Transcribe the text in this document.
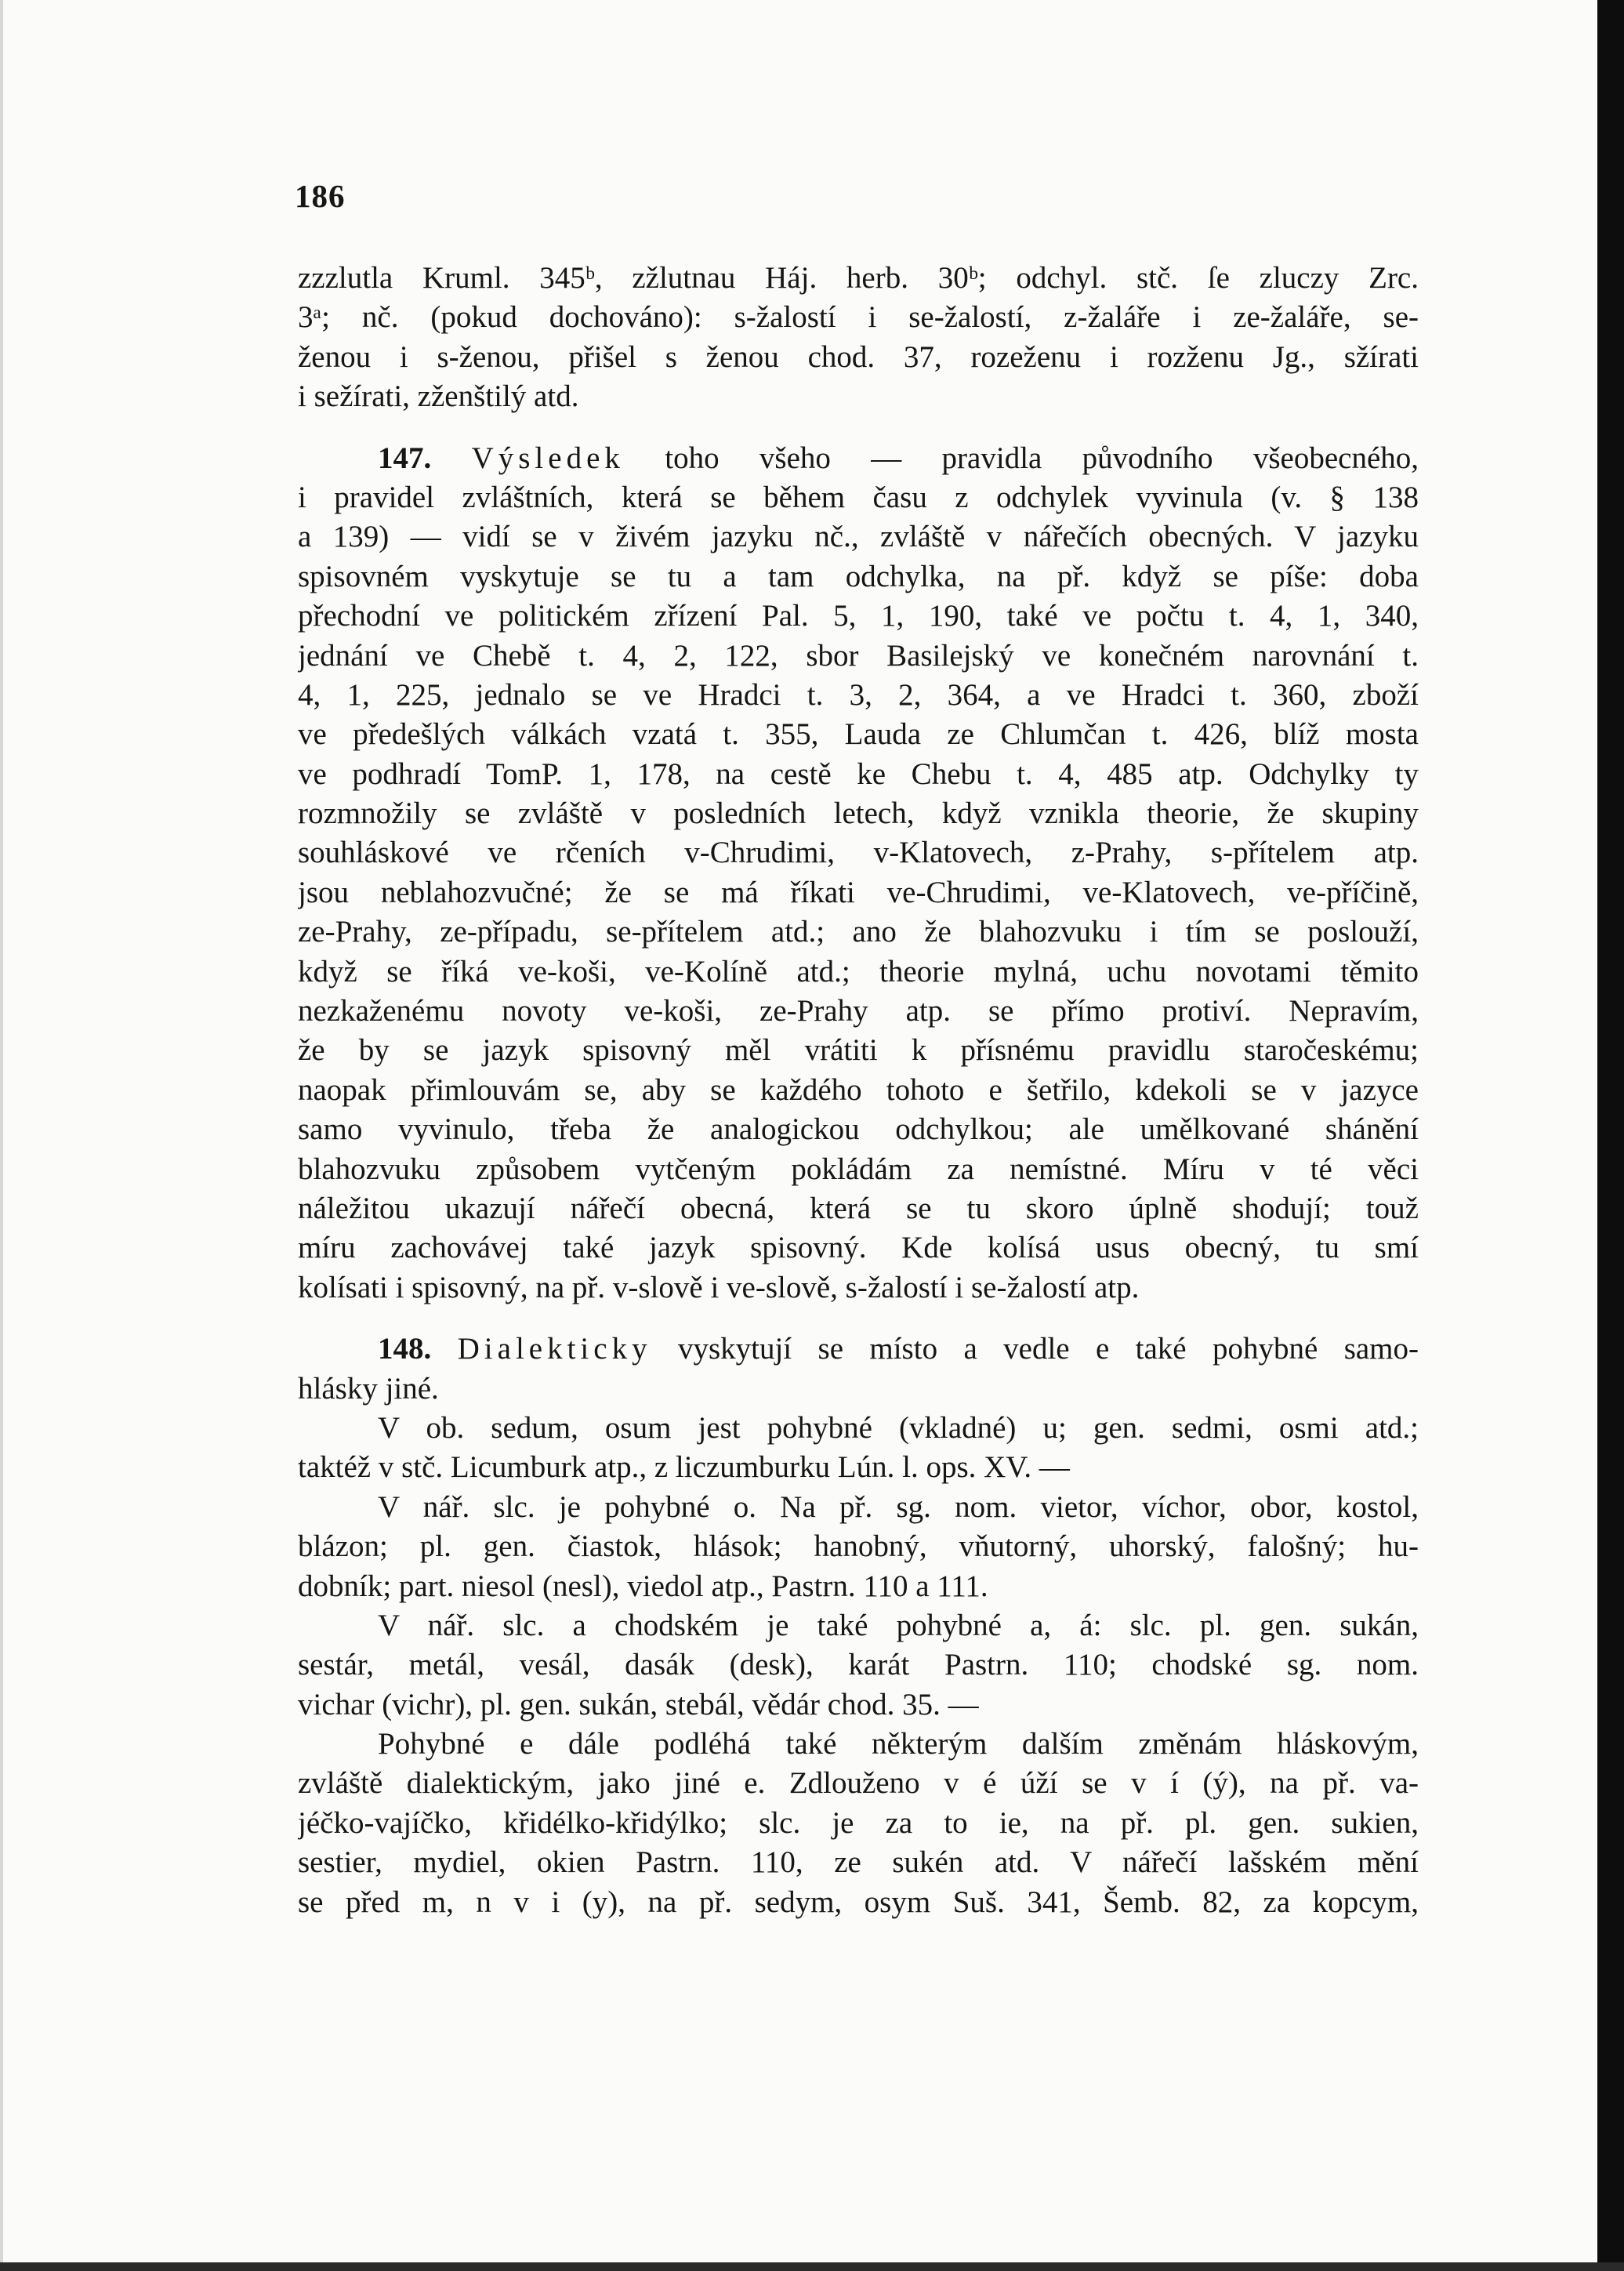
186
zzzlutla Kruml. 345ᵇ, zžlutnau Háj. herb. 30ᵇ; odchyl. stč. ſe zluczy Zrc.
3ᵃ; nč. (pokud dochováno): s-žalostí i se-žalostí, z-žaláře i ze-žaláře, se-
ženou i s-ženou, přišel s ženou chod. 37, rozeženu i rozženu Jg., sžírati
i sežírati, zženštilý atd.
147. Výsledek toho všeho — pravidla původního všeobecného,
i pravidel zvláštních, která se během času z odchylek vyvinula (v. § 138
a 139) — vidí se v živém jazyku nč., zvláště v nářečích obecných. V jazyku
spisovném vyskytuje se tu a tam odchylka, na př. když se píše: doba
přechodní ve politickém zřízení Pal. 5, 1, 190, také ve počtu t. 4, 1, 340,
jednání ve Chebě t. 4, 2, 122, sbor Basilejský ve konečném narovnání t.
4, 1, 225, jednalo se ve Hradci t. 3, 2, 364, a ve Hradci t. 360, zboží
ve předešlých válkách vzatá t. 355, Lauda ze Chlumčan t. 426, blíž mosta
ve podhradí TomP. 1, 178, na cestě ke Chebu t. 4, 485 atp. Odchylky ty
rozmnožily se zvláště v posledních letech, když vznikla theorie, že skupiny
souhláskové ve rčeních v-Chrudimi, v-Klatovech, z-Prahy, s-přítelem atp.
jsou neblahozvučné; že se má říkati ve-Chrudimi, ve-Klatovech, ve-příčině,
ze-Prahy, ze-případu, se-přítelem atd.; ano že blahozvuku i tím se poslouží,
když se říká ve-koši, ve-Kolíně atd.; theorie mylná, uchu novotami těmito
nezkaženému novoty ve-koši, ze-Prahy atp. se přímo protiví. Nepravím,
že by se jazyk spisovný měl vrátiti k přísnému pravidlu staročeskému;
naopak přimlouvám se, aby se každého tohoto e šetřilo, kdekoli se v jazyce
samo vyvinulo, třeba že analogickou odchylkou; ale umělkované shánění
blahozvuku způsobem vytčeným pokládám za nemístné. Míru v té věci
náležitou ukazují nářečí obecná, která se tu skoro úplně shodují; touž
míru zachovávej také jazyk spisovný. Kde kolísá usus obecný, tu smí
kolísati i spisovný, na př. v-slově i ve-slově, s-žalostí i se-žalostí atp.
148. Dialekticky vyskytují se místo a vedle e také pohybné samo-
hlásky jiné.
V ob. sedum, osum jest pohybné (vkladné) u; gen. sedmi, osmi atd.;
taktéž v stč. Licumburk atp., z liczumburku Lún. l. ops. XV. —
V nář. slc. je pohybné o. Na př. sg. nom. vietor, víchor, obor, kostol,
blázon; pl. gen. čiastok, hlások; hanobný, vňutorný, uhorský, falošný; hu-
dobník; part. niesol (nesl), viedol atp., Pastrn. 110 a 111.
V nář. slc. a chodském je také pohybné a, á: slc. pl. gen. sukán,
sestár, metál, vesál, dasák (desk), karát Pastrn. 110; chodské sg. nom.
vichar (vichr), pl. gen. sukán, stebál, vědár chod. 35. —
Pohybné e dále podléhá také některým dalším změnám hláskovým,
zvláště dialektickým, jako jiné e. Zdlouženo v é úží se v í (ý), na př. va-
jéčko-vajíčko, křidélko-křidýlko; slc. je za to ie, na př. pl. gen. sukien,
sestier, mydiel, okien Pastrn. 110, ze sukén atd. V nářečí lašském mění
se před m, n v i (y), na př. sedym, osym Suš. 341, Šemb. 82, za kopcym,
